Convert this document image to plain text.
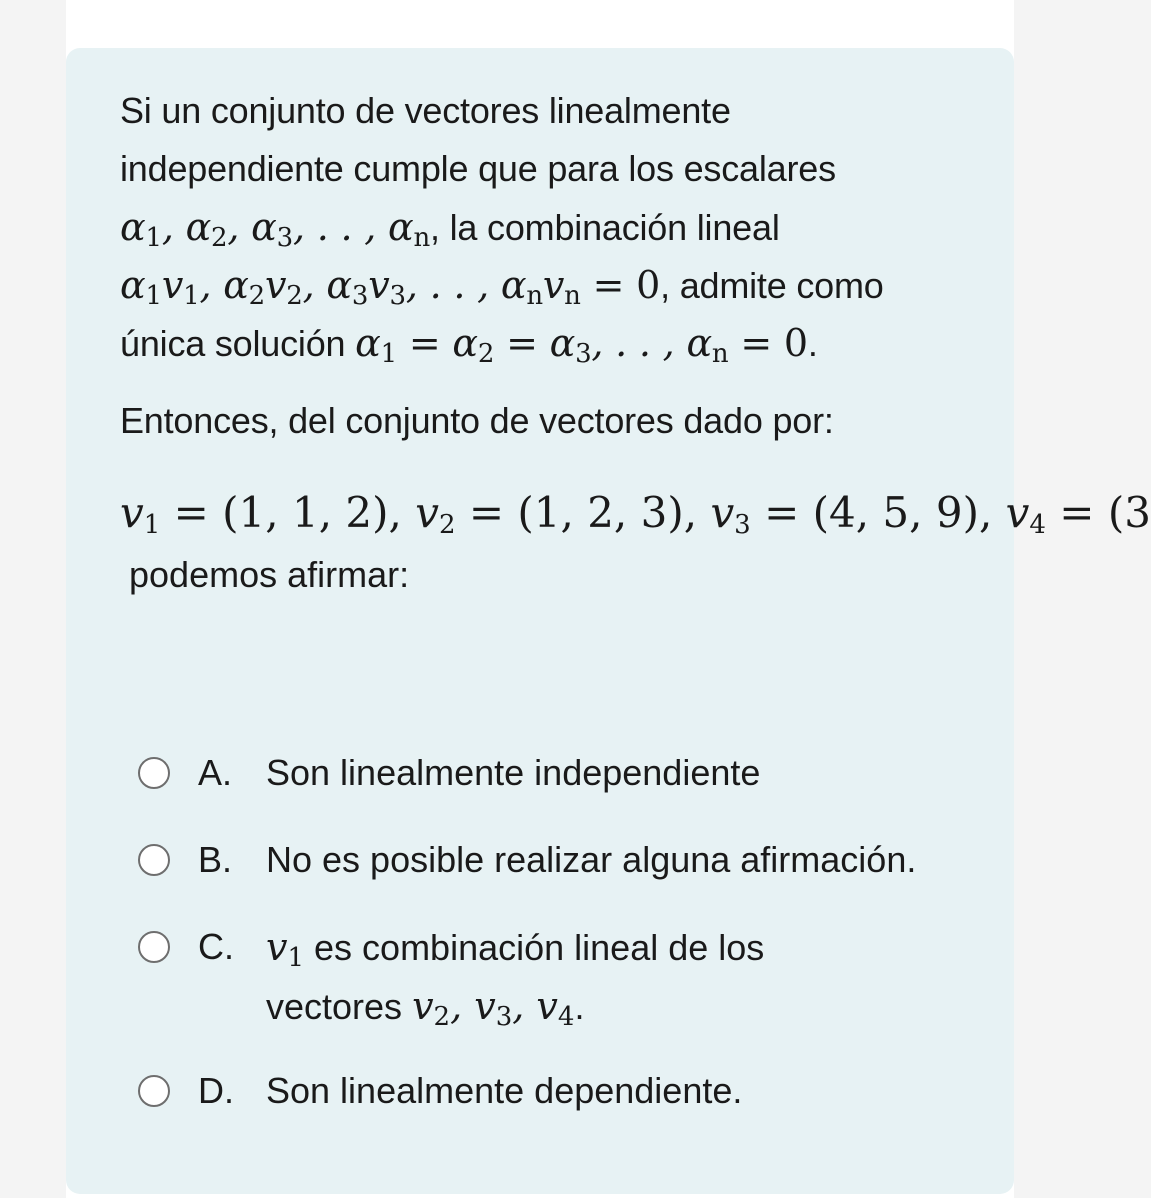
Si un conjunto de vectores linealmente
independiente cumple que para los escalares
$\alpha_1$, $\alpha_2$, $\alpha_3$, . . , $\alpha_n$, la combinación lineal
$\alpha_1v_1$, $\alpha_2v_2$, $\alpha_3v_3$, . . , $\alpha_nv_n = 0$, admite como
única solución $\alpha_1 = \alpha_2 = \alpha_3$, . . , $\alpha_n = 0$.
Entonces, del conjunto de vectores dado por:
$v_1 = (1$, 1, 2), $v_2 = (1$, 2, 3), $v_3 = (4$, 5, 9), $v_4 = (3$
podemos afirmar:
A. Son linealmente independiente
B. No es posible realizar alguna afirmación.
C. $v_1$ es combinación lineal de los
vectores $v_2$, $v_3$, $v_4$.
D. Son linealmente dependiente.
